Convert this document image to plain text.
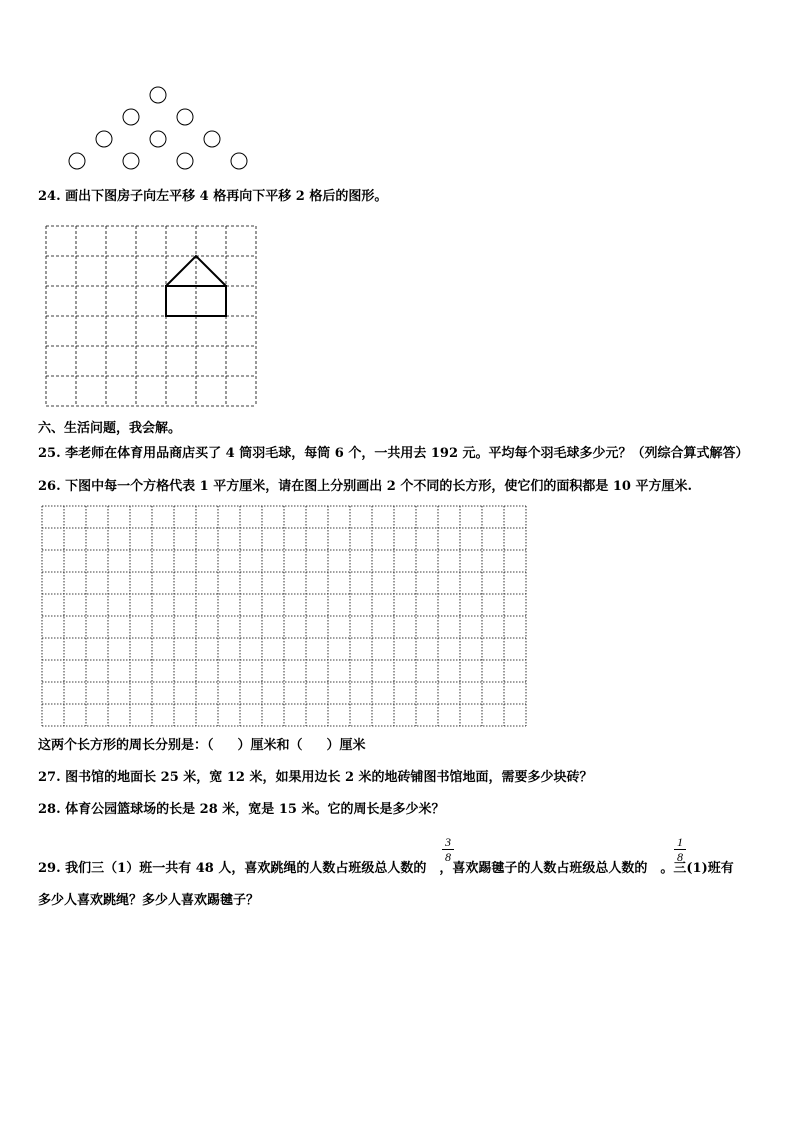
24. 画出下图房子向左平移 4 格再向下平移 2 格后的图形。
六、生活问题，我会解。
25. 李老师在体育用品商店买了 4 筒羽毛球，每筒 6 个，一共用去 192 元。平均每个羽毛球多少元？（列综合算式解答）
26. 下图中每一个方格代表 1 平方厘米，请在图上分别画出 2 个不同的长方形，使它们的面积都是 10 平方厘米.
这两个长方形的周长分别是：（ ）厘米和（ ）厘米
27. 图书馆的地面长 25 米，宽 12 米，如果用边长 2 米的地砖铺图书馆地面，需要多少块砖？
28. 体育公园篮球场的长是 28 米，宽是 15 米。它的周长是多少米？
3
8
1
8
29. 我们三（1）班一共有 48 人，喜欢跳绳的人数占班级总人数的 ，喜欢踢毽子的人数占班级总人数的 。三(1)班有
多少人喜欢跳绳？多少人喜欢踢毽子？
